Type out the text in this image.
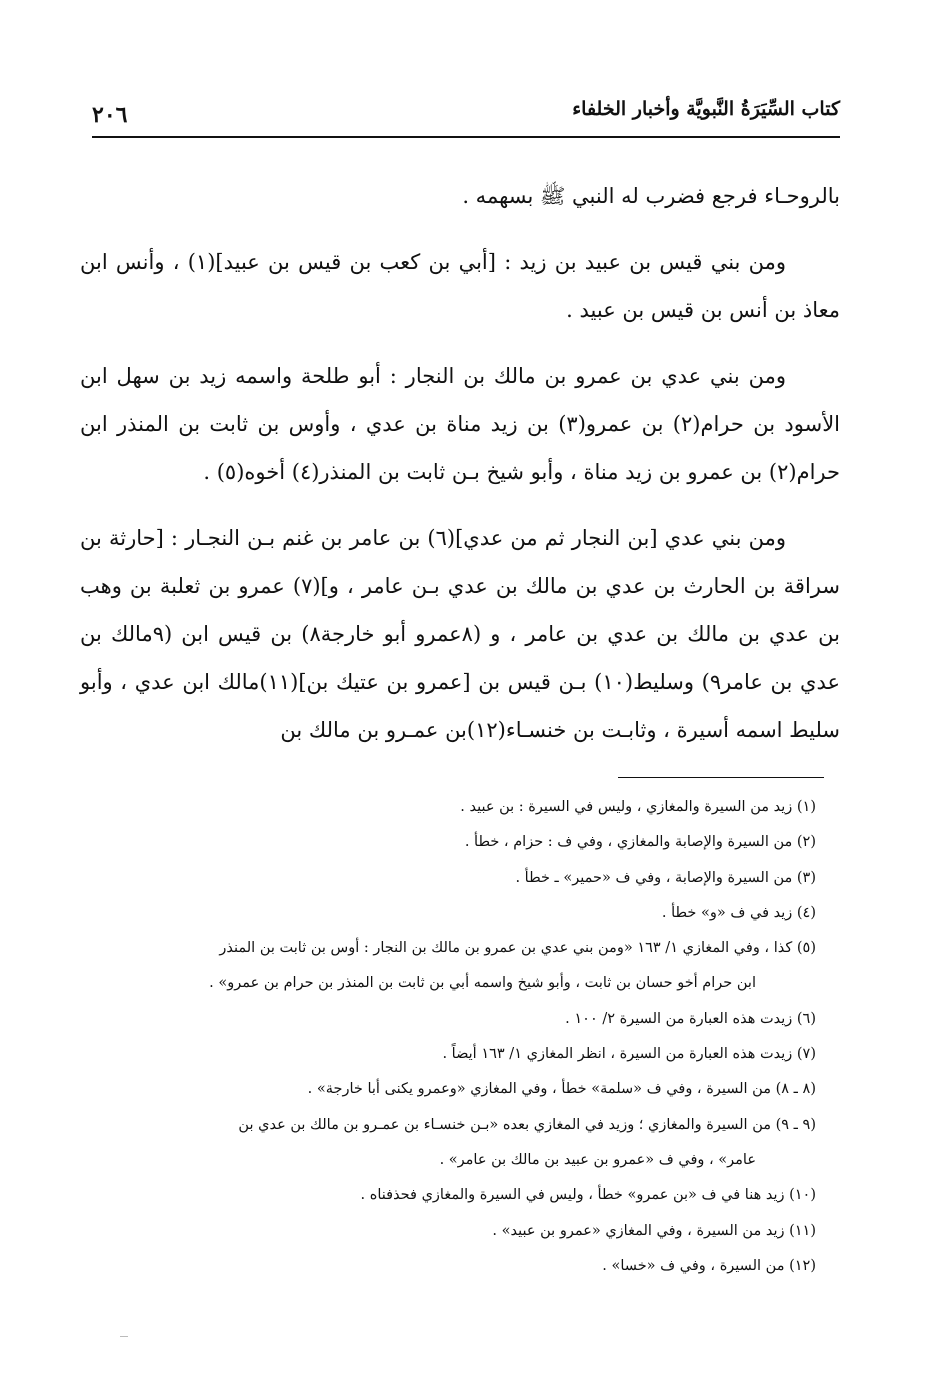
كتاب السِّيَرَةُ النَّبويَّة وأخبار الخلفاء
٢٠٦

بالروحـاء فرجع فضرب له النبي ﷺ بسهمه .

ومن بني قيس بن عبيد بن زيد : [أبي بن كعب بن قيس بن عبيد](١) ، وأنس ابن معاذ بن أنس بن قيس بن عبيد .

ومن بني عدي بن عمرو بن مالك بن النجار : أبو طلحة واسمه زيد بن سهل ابن الأسود بن حرام(٢) بن عمرو(٣) بن زيد مناة بن عدي ، وأوس بن ثابت بن المنذر ابن حرام(٢) بن عمرو بن زيد مناة ، وأبو شيخ بـن ثابت بن المنذر(٤) أخوه(٥) .

ومن بني عدي [بن النجار ثم من عدي](٦) بن عامر بن غنم بـن النجـار : [حارثة بن سراقة بن الحارث بن عدي بن مالك بن عدي بـن عامر ، و](٧) عمرو بن ثعلبة بن وهب بن عدي بن مالك بن عدي بن عامر ، و (٨عمرو أبو خارجة٨) بن قيس ابن (٩مالك بن عدي بن عامر٩) وسليط(١٠) بـن قيس بن [عمرو بن عتيك بن](١١)مالك ابن عدي ، وأبو سليط اسمه أسيرة ، وثابـت بن خنسـاء(١٢)بن عمـرو بن مالك بن

(١) زيد من السيرة والمغازي ، وليس في السيرة : بن عبيد .

(٢) من السيرة والإصابة والمغازي ، وفي ف : حزام ، خطأ .

(٣) من السيرة والإصابة ، وفي ف «حمير» ـ خطأ .

(٤) زيد في ف «و» خطأ .

(٥) كذا ، وفي المغازي ١/ ١٦٣ «ومن بني عدي بن عمرو بن مالك بن النجار : أوس بن ثابت بن المنذر
ابن حرام أخو حسان بن ثابت ، وأبو شيخ واسمه أبي بن ثابت بن المنذر بن حرام بن عمرو» .

(٦) زيدت هذه العبارة من السيرة ٢/ ١٠٠ .

(٧) زيدت هذه العبارة من السيرة ، انظر المغازي ١/ ١٦٣ أيضاً .

(٨ ـ ٨) من السيرة ، وفي ف «سلمة» خطأ ، وفي المغازي «وعمرو يكنى أبا خارجة» .

(٩ ـ ٩) من السيرة والمغازي ؛ وزيد في المغازي بعده «بـن خنسـاء بن عمـرو بن مالك بن عدي بن
عامر» ، وفي ف «عمرو بن عبيد بن مالك بن عامر» .

(١٠) زيد هنا في ف «بن عمرو» خطأ ، وليس في السيرة والمغازي فحذفناه .

(١١) زيد من السيرة ، وفي المغازي «عمرو بن عبيد» .

(١٢) من السيرة ، وفي ف «خسا» .
